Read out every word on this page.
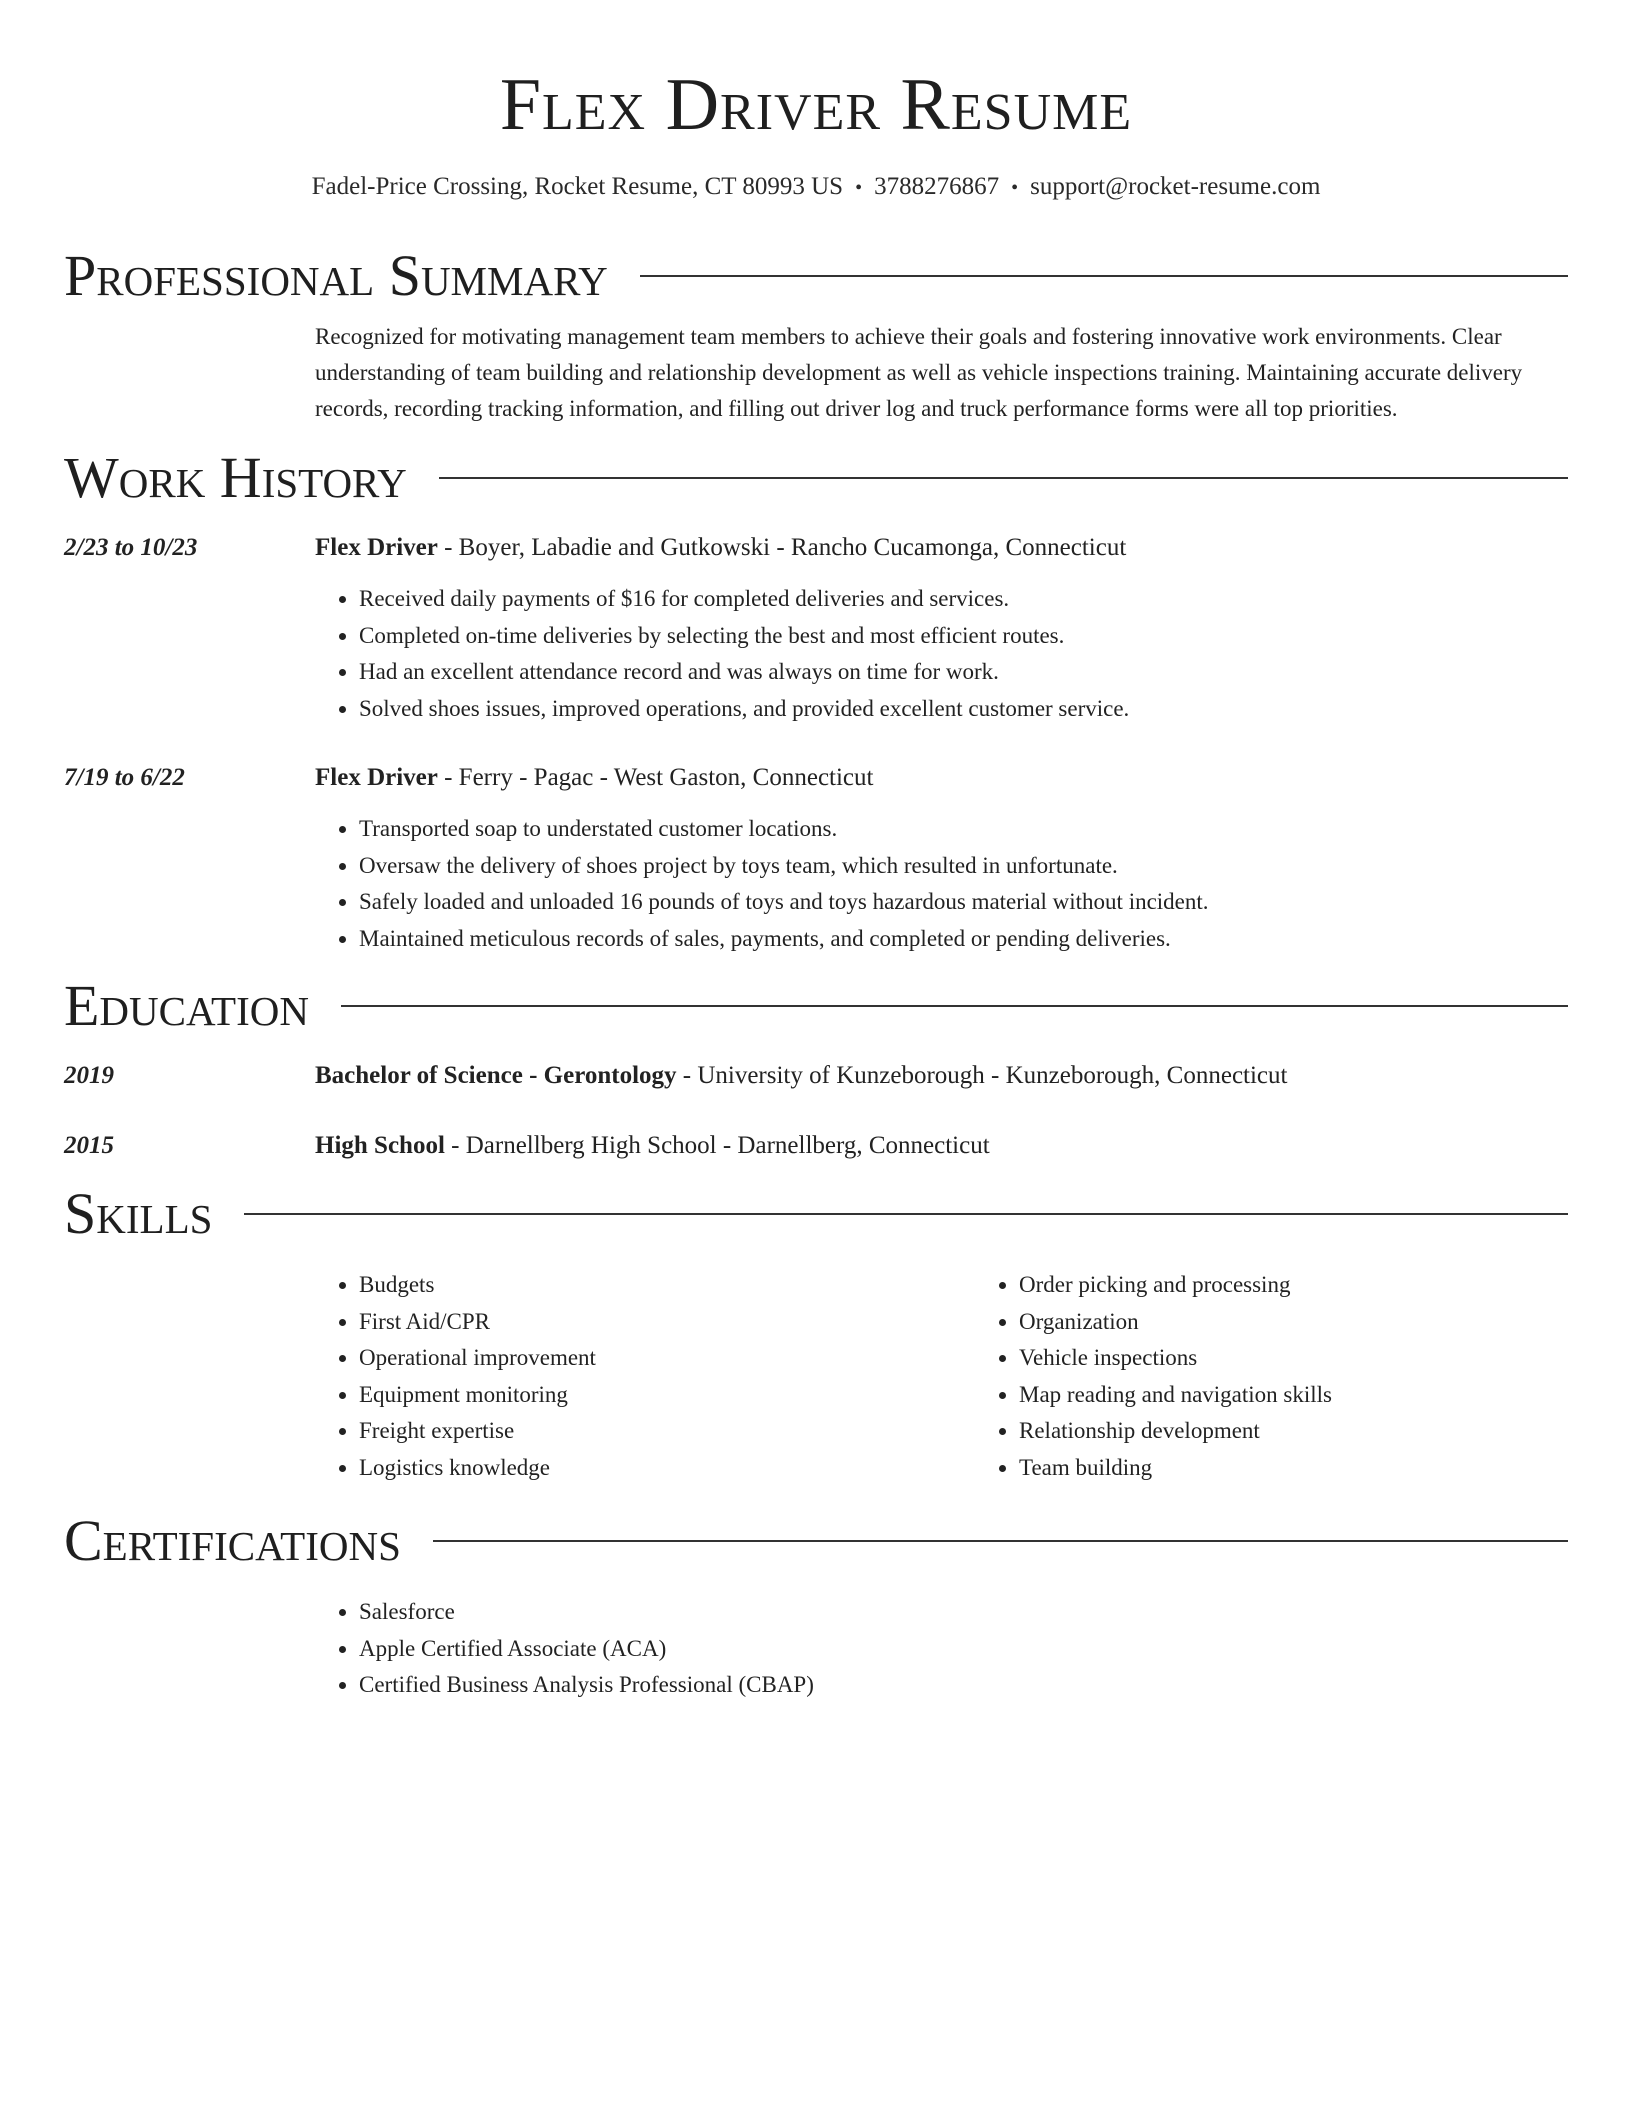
Flex Driver Resume
Fadel-Price Crossing, Rocket Resume, CT 80993 US • 3788276867 • support@rocket-resume.com
Professional Summary
Recognized for motivating management team members to achieve their goals and fostering innovative work environments. Clear understanding of team building and relationship development as well as vehicle inspections training. Maintaining accurate delivery records, recording tracking information, and filling out driver log and truck performance forms were all top priorities.
Work History
2/23 to 10/23	Flex Driver - Boyer, Labadie and Gutkowski - Rancho Cucamonga, Connecticut
• Received daily payments of $16 for completed deliveries and services.
• Completed on-time deliveries by selecting the best and most efficient routes.
• Had an excellent attendance record and was always on time for work.
• Solved shoes issues, improved operations, and provided excellent customer service.
7/19 to 6/22	Flex Driver - Ferry - Pagac - West Gaston, Connecticut
• Transported soap to understated customer locations.
• Oversaw the delivery of shoes project by toys team, which resulted in unfortunate.
• Safely loaded and unloaded 16 pounds of toys and toys hazardous material without incident.
• Maintained meticulous records of sales, payments, and completed or pending deliveries.
Education
2019	Bachelor of Science - Gerontology - University of Kunzeborough - Kunzeborough, Connecticut
2015	High School - Darnellberg High School - Darnellberg, Connecticut
Skills
• Budgets
• First Aid/CPR
• Operational improvement
• Equipment monitoring
• Freight expertise
• Logistics knowledge
• Order picking and processing
• Organization
• Vehicle inspections
• Map reading and navigation skills
• Relationship development
• Team building
Certifications
• Salesforce
• Apple Certified Associate (ACA)
• Certified Business Analysis Professional (CBAP)
